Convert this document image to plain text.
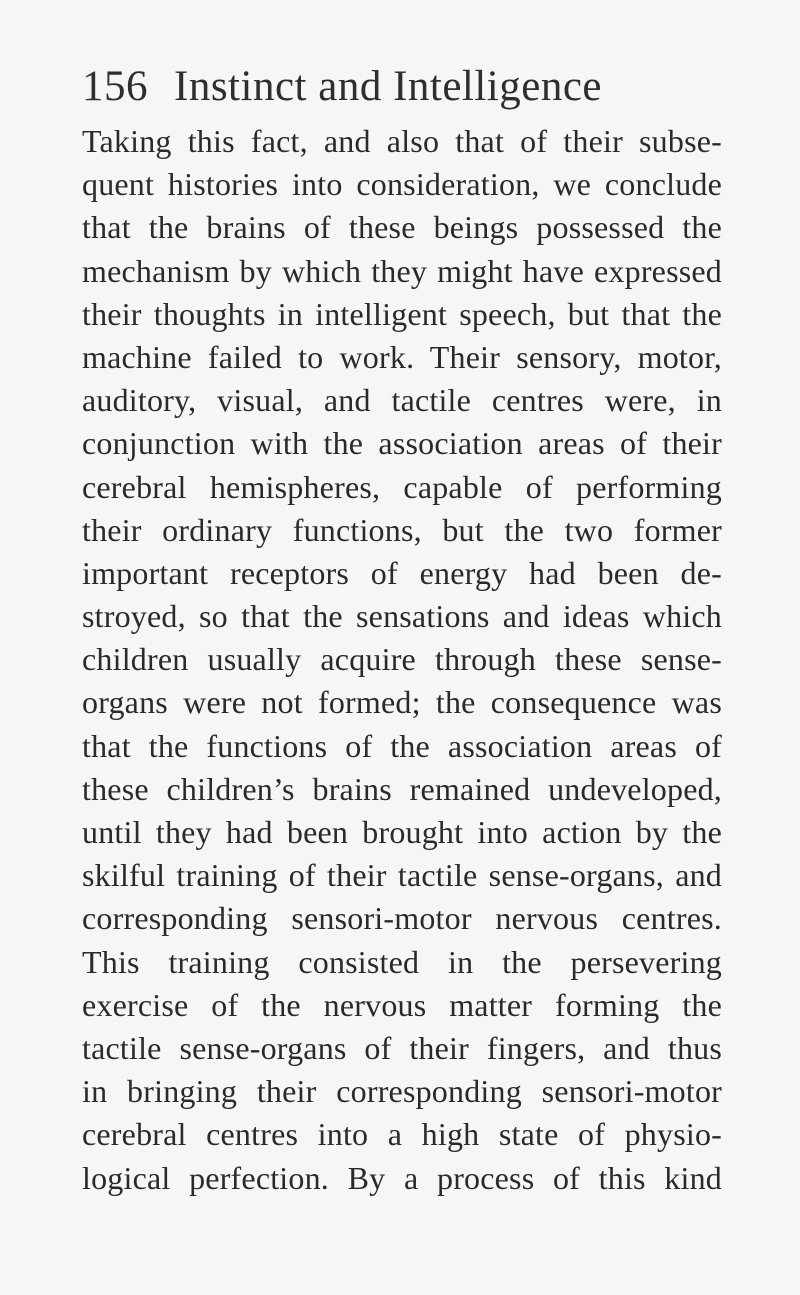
156 Instinct and Intelligence
Taking this fact, and also that of their subse-
quent histories into consideration, we conclude
that the brains of these beings possessed the
mechanism by which they might have expressed
their thoughts in intelligent speech, but that the
machine failed to work. Their sensory, motor,
auditory, visual, and tactile centres were, in
conjunction with the association areas of their
cerebral hemispheres, capable of performing
their ordinary functions, but the two former
important receptors of energy had been de-
stroyed, so that the sensations and ideas which
children usually acquire through these sense-
organs were not formed; the consequence was
that the functions of the association areas of
these children’s brains remained undeveloped,
until they had been brought into action by the
skilful training of their tactile sense-organs, and
corresponding sensori-motor nervous centres.
This training consisted in the persevering
exercise of the nervous matter forming the
tactile sense-organs of their fingers, and thus
in bringing their corresponding sensori-motor
cerebral centres into a high state of physio-
logical perfection. By a process of this kind
